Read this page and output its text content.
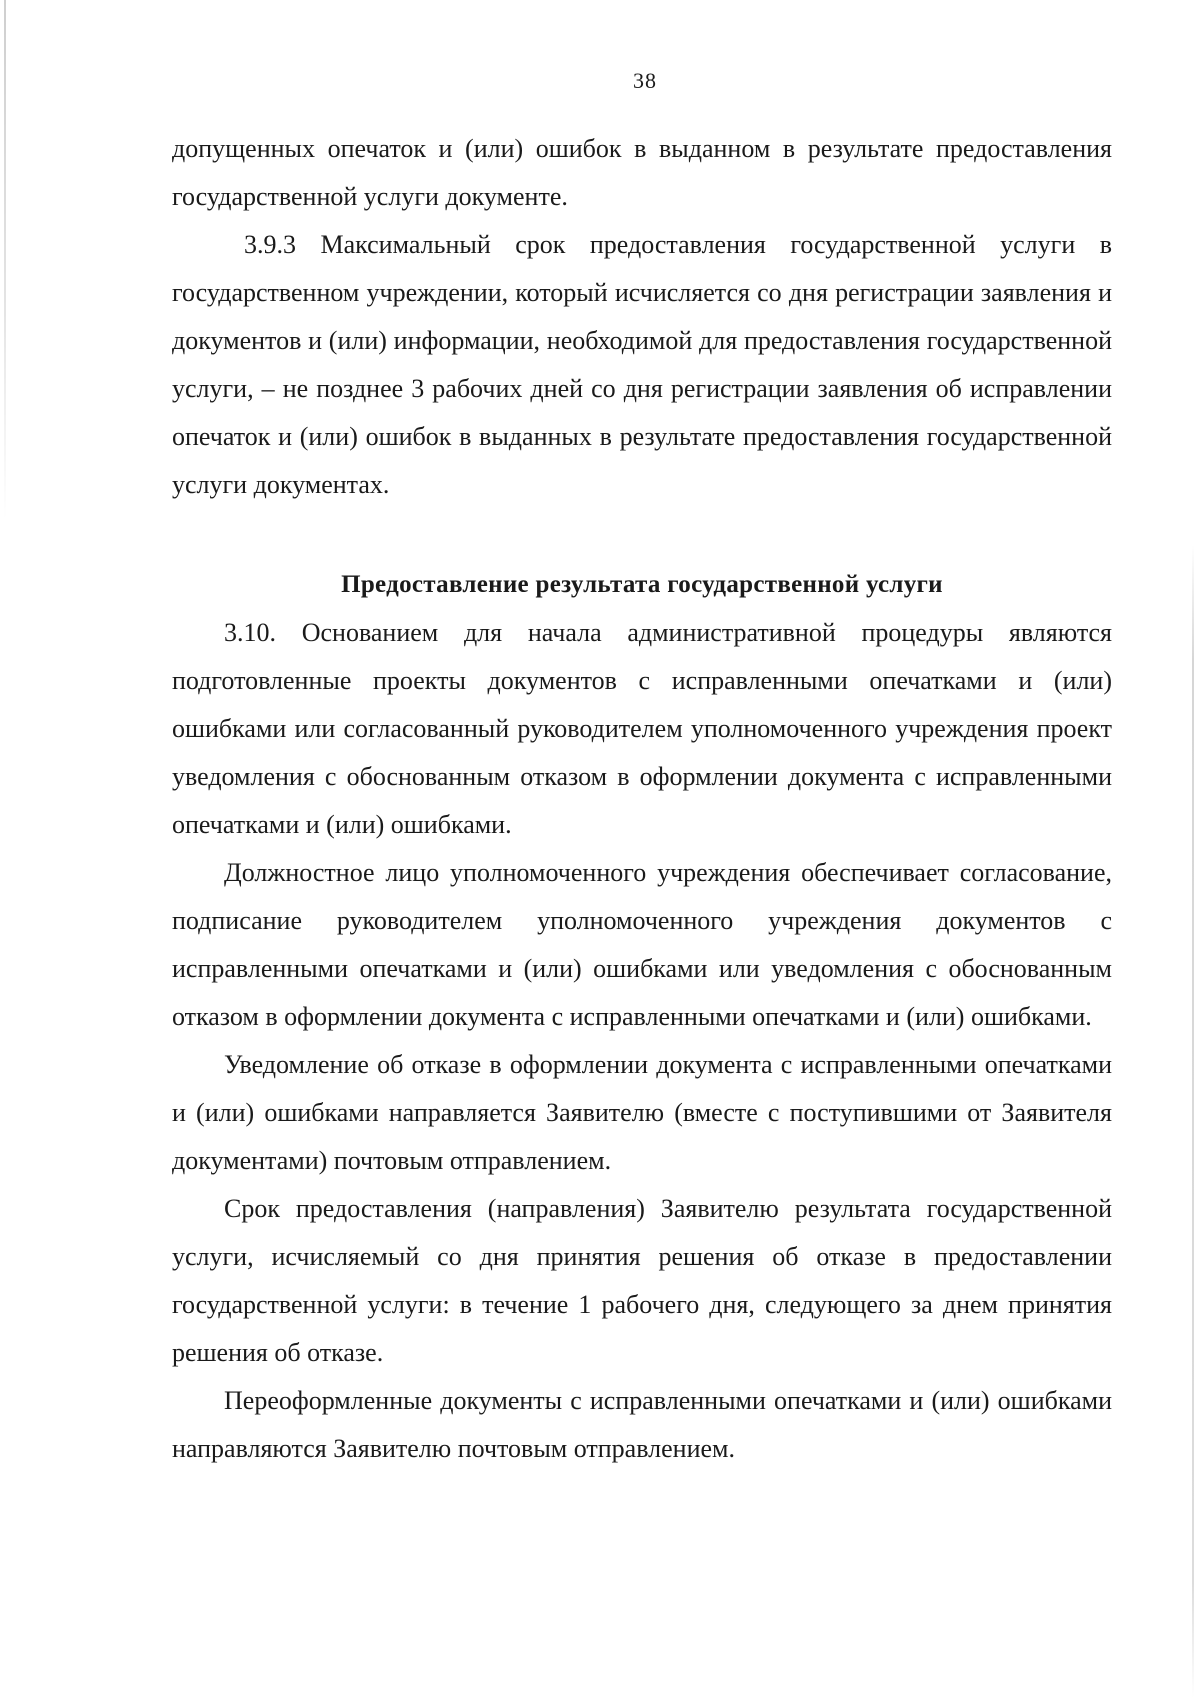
38

допущенных опечаток и (или) ошибок в выданном в результате предоставления государственной услуги документе.

3.9.3 Максимальный срок предоставления государственной услуги в государственном учреждении, который исчисляется со дня регистрации заявления и документов и (или) информации, необходимой для предоставления государственной услуги, – не позднее 3 рабочих дней со дня регистрации заявления об исправлении опечаток и (или) ошибок в выданных в результате предоставления государственной услуги документах.

Предоставление результата государственной услуги

3.10. Основанием для начала административной процедуры являются подготовленные проекты документов с исправленными опечатками и (или) ошибками или согласованный руководителем уполномоченного учреждения проект уведомления с обоснованным отказом в оформлении документа с исправленными опечатками и (или) ошибками.

Должностное лицо уполномоченного учреждения обеспечивает согласование, подписание руководителем уполномоченного учреждения документов с исправленными опечатками и (или) ошибками или уведомления с обоснованным отказом в оформлении документа с исправленными опечатками и (или) ошибками.

Уведомление об отказе в оформлении документа с исправленными опечатками и (или) ошибками направляется Заявителю (вместе с поступившими от Заявителя документами) почтовым отправлением.

Срок предоставления (направления) Заявителю результата государственной услуги, исчисляемый со дня принятия решения об отказе в предоставлении государственной услуги: в течение 1 рабочего дня, следующего за днем принятия решения об отказе.

Переоформленные документы с исправленными опечатками и (или) ошибками направляются Заявителю почтовым отправлением.
